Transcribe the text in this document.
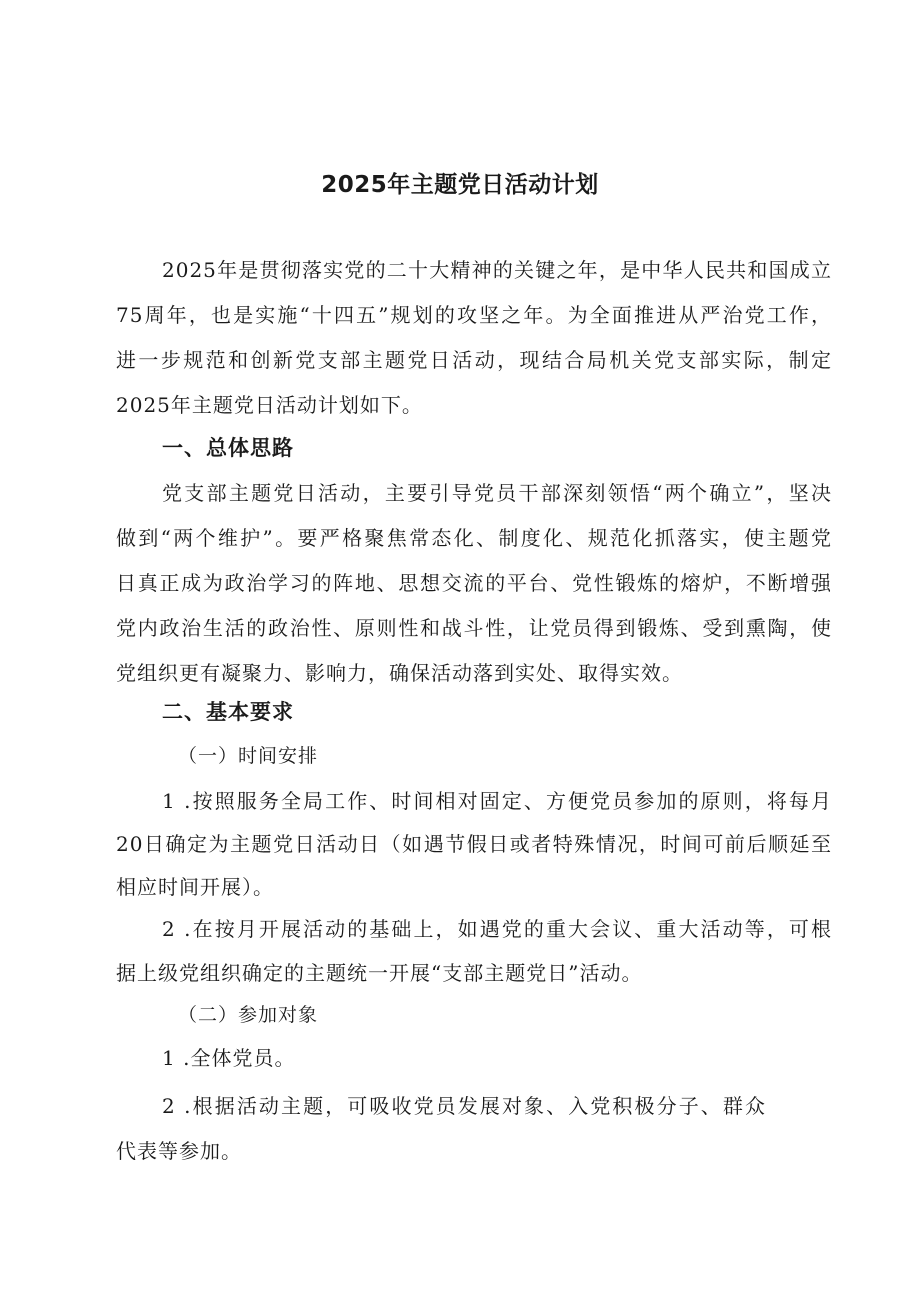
2025年主题党日活动计划
2025年是贯彻落实党的二十大精神的关键之年，是中华人民共和国成立
75周年，也是实施“十四五”规划的攻坚之年。为全面推进从严治党工作，
进一步规范和创新党支部主题党日活动，现结合局机关党支部实际，制定
2025年主题党日活动计划如下。
一、总体思路
党支部主题党日活动，主要引导党员干部深刻领悟“两个确立”，坚决
做到“两个维护”。要严格聚焦常态化、制度化、规范化抓落实，使主题党
日真正成为政治学习的阵地、思想交流的平台、党性锻炼的熔炉，不断增强
党内政治生活的政治性、原则性和战斗性，让党员得到锻炼、受到熏陶，使
党组织更有凝聚力、影响力，确保活动落到实处、取得实效。
二、基本要求
（一）时间安排
1 .按照服务全局工作、时间相对固定、方便党员参加的原则，将每月
20日确定为主题党日活动日（如遇节假日或者特殊情况，时间可前后顺延至
相应时间开展）。
2 .在按月开展活动的基础上，如遇党的重大会议、重大活动等，可根
据上级党组织确定的主题统一开展“支部主题党日”活动。
（二）参加对象
1 .全体党员。
2 .根据活动主题，可吸收党员发展对象、入党积极分子、群众
代表等参加。
